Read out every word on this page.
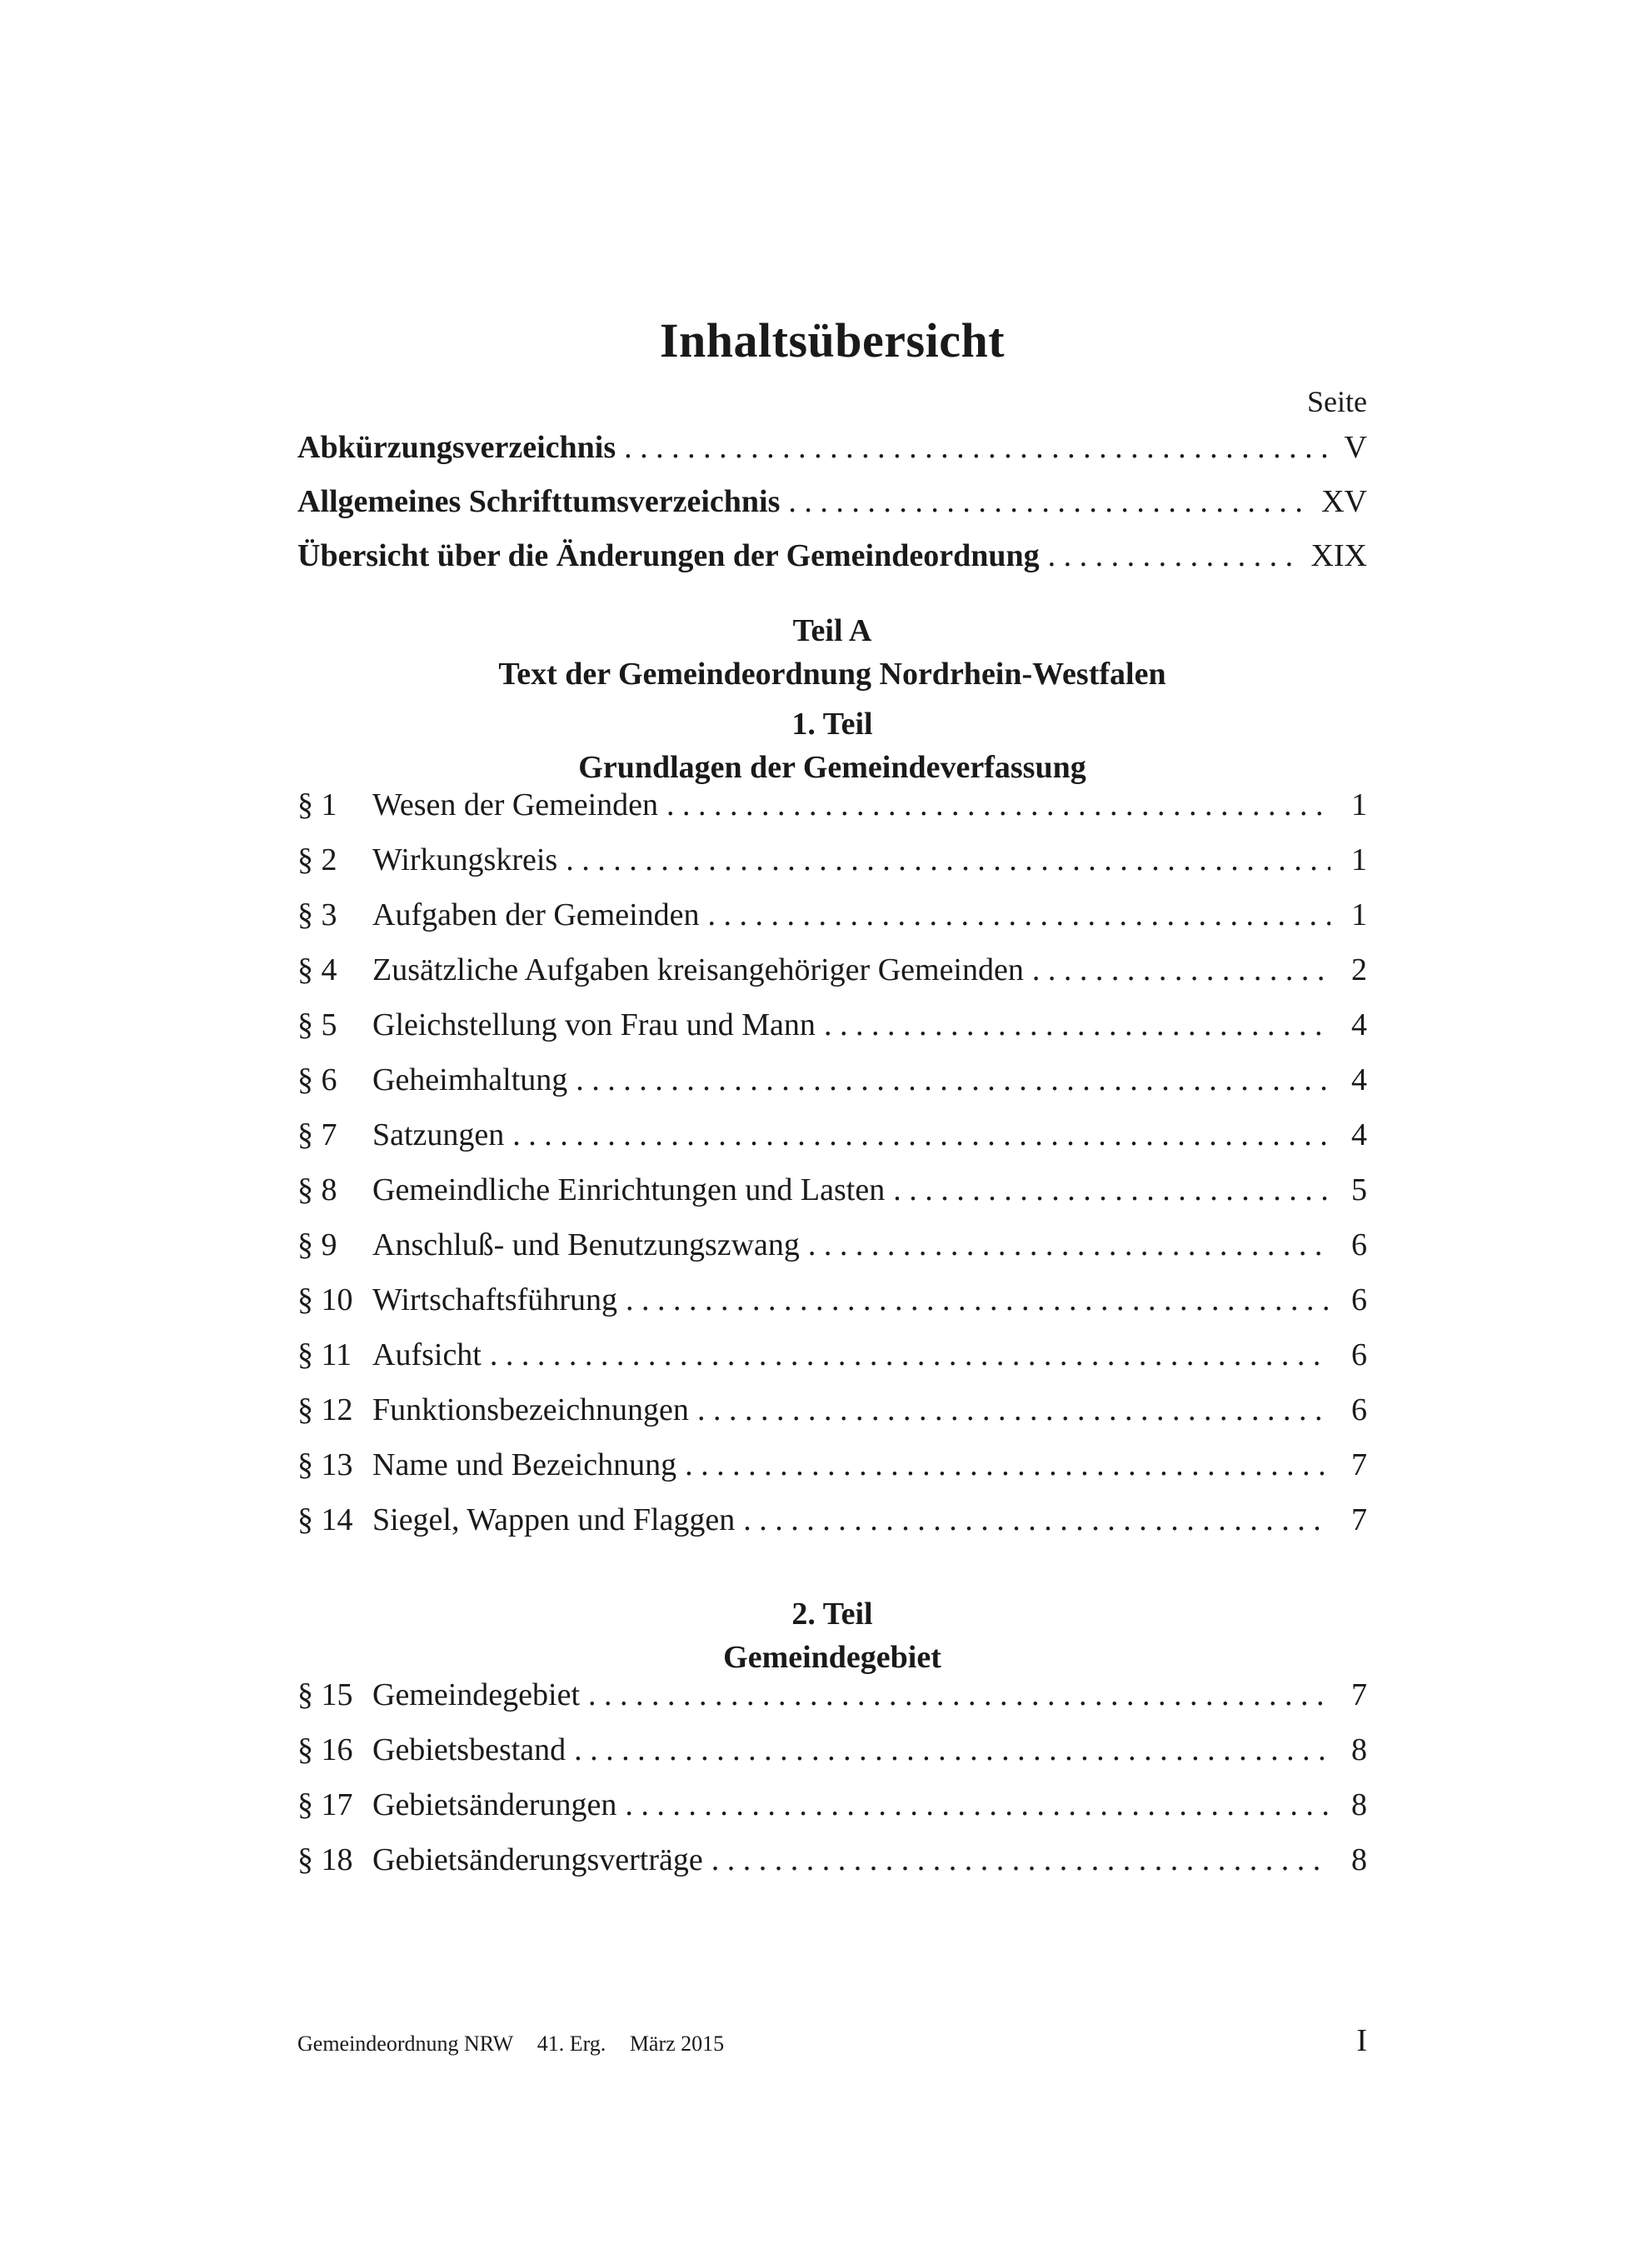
Inhaltsübersicht
Seite
Abkürzungsverzeichnis . . .	V
Allgemeines Schrifttumsverzeichnis . . .	XV
Übersicht über die Änderungen der Gemeindeordnung . . .	XIX
Teil A
Text der Gemeindeordnung Nordrhein-Westfalen
1. Teil
Grundlagen der Gemeindeverfassung
§ 1	Wesen der Gemeinden . . .	1
§ 2	Wirkungskreis . . .	1
§ 3	Aufgaben der Gemeinden . . .	1
§ 4	Zusätzliche Aufgaben kreisangehöriger Gemeinden . . .	2
§ 5	Gleichstellung von Frau und Mann . . .	4
§ 6	Geheimhaltung . . .	4
§ 7	Satzungen . . .	4
§ 8	Gemeindliche Einrichtungen und Lasten . . .	5
§ 9	Anschluß- und Benutzungszwang . . .	6
§ 10 Wirtschaftsführung . . .	6
§ 11 Aufsicht . . .	6
§ 12 Funktionsbezeichnungen . . .	6
§ 13 Name und Bezeichnung . . .	7
§ 14 Siegel, Wappen und Flaggen . . .	7
2. Teil
Gemeindegebiet
§ 15 Gemeindegebiet . . .	7
§ 16 Gebietsbestand . . .	8
§ 17 Gebietsänderungen . . .	8
§ 18 Gebietsänderungsverträge . . .	8
Gemeindeordnung NRW 41. Erg. März 2015	I
